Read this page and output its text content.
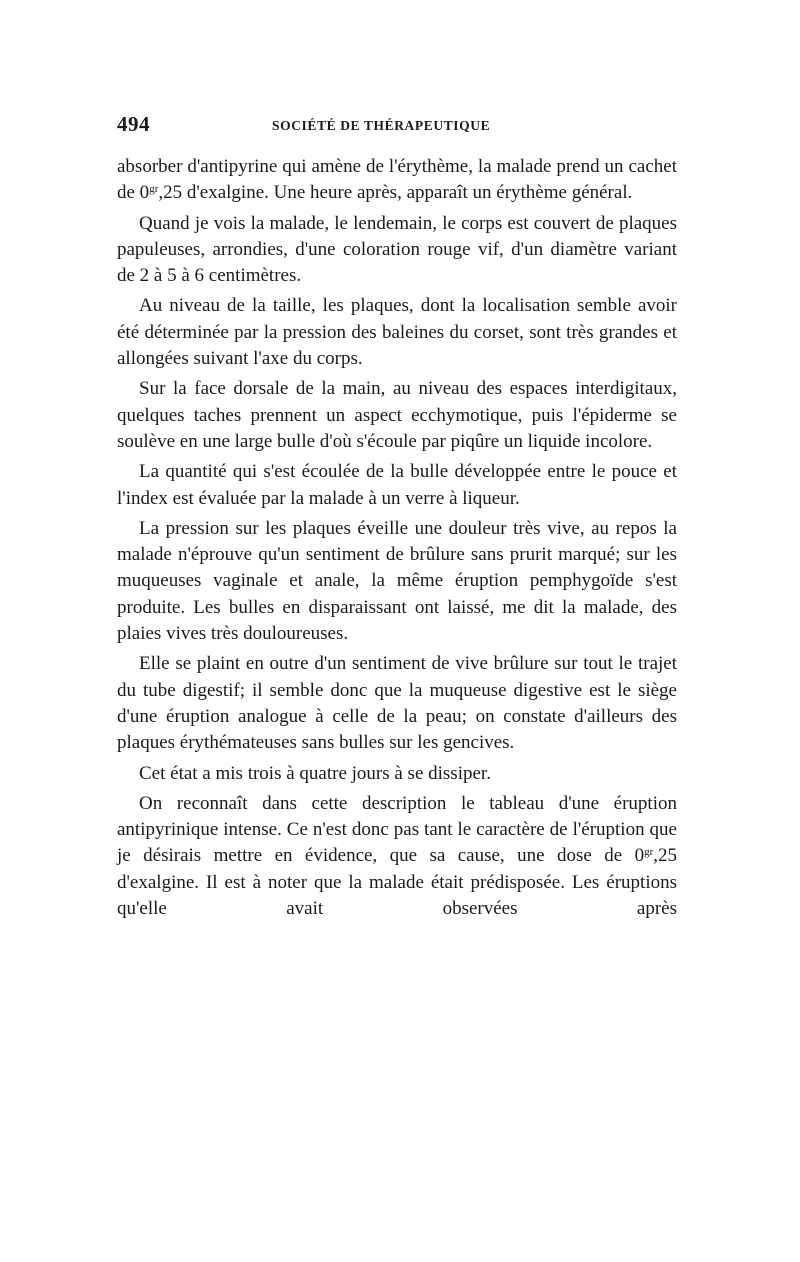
494	SOCIÉTÉ DE THÉRAPEUTIQUE

absorber d'antipyrine qui amène de l'érythème, la malade prend un cachet de $0^{gr},25$ d'exalgine. Une heure après, apparaît un érythème général.

Quand je vois la malade, le lendemain, le corps est couvert de plaques papuleuses, arrondies, d'une coloration rouge vif, d'un diamètre variant de 2 à 5 à 6 centimètres.

Au niveau de la taille, les plaques, dont la localisation semble avoir été déterminée par la pression des baleines du corset, sont très grandes et allongées suivant l'axe du corps.

Sur la face dorsale de la main, au niveau des espaces interdigitaux, quelques taches prennent un aspect ecchymotique, puis l'épiderme se soulève en une large bulle d'où s'écoule par piqûre un liquide incolore.

La quantité qui s'est écoulée de la bulle développée entre le pouce et l'index est évaluée par la malade à un verre à liqueur.

La pression sur les plaques éveille une douleur très vive, au repos la malade n'éprouve qu'un sentiment de brûlure sans prurit marqué; sur les muqueuses vaginale et anale, la même éruption pemphygoïde s'est produite. Les bulles en disparaissant ont laissé, me dit la malade, des plaies vives très douloureuses.

Elle se plaint en outre d'un sentiment de vive brûlure sur tout le trajet du tube digestif; il semble donc que la muqueuse digestive est le siège d'une éruption analogue à celle de la peau; on constate d'ailleurs des plaques érythémateuses sans bulles sur les gencives.

Cet état a mis trois à quatre jours à se dissiper.

On reconnaît dans cette description le tableau d'une éruption antipyrinique intense. Ce n'est donc pas tant le caractère de l'éruption que je désirais mettre en évidence, que sa cause, une dose de $0^{gr},25$ d'exalgine. Il est à noter que la malade était prédisposée. Les éruptions qu'elle avait observées après
